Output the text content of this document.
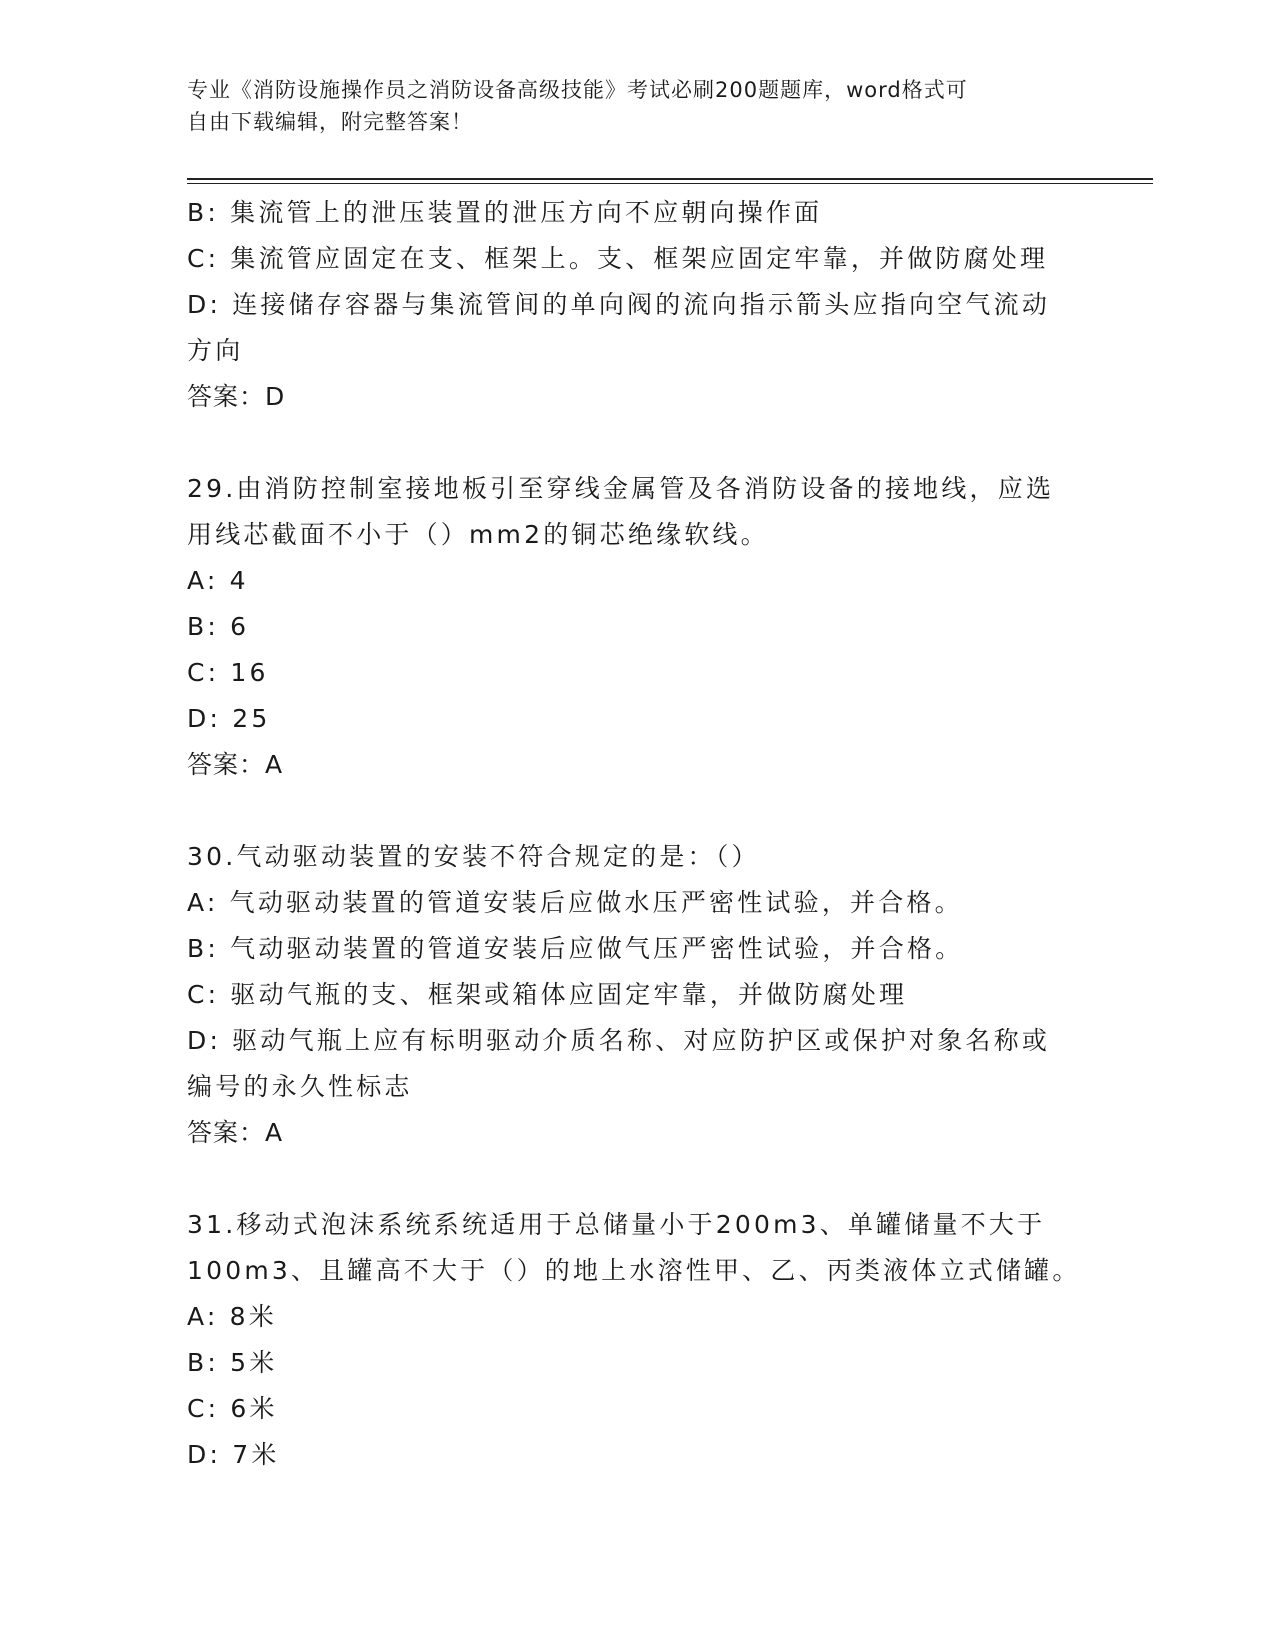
专业《消防设施操作员之消防设备高级技能》考试必刷200题题库，word格式可
自由下载编辑，附完整答案！
B: 集流管上的泄压装置的泄压方向不应朝向操作面
C: 集流管应固定在支、框架上。支、框架应固定牢靠，并做防腐处理
D: 连接储存容器与集流管间的单向阀的流向指示箭头应指向空气流动
方向
答案：D
29.由消防控制室接地板引至穿线金属管及各消防设备的接地线，应选
用线芯截面不小于（）mm2的铜芯绝缘软线。
A: 4
B: 6
C: 16
D: 25
答案：A
30.气动驱动装置的安装不符合规定的是：（）
A: 气动驱动装置的管道安装后应做水压严密性试验，并合格。
B: 气动驱动装置的管道安装后应做气压严密性试验，并合格。
C: 驱动气瓶的支、框架或箱体应固定牢靠，并做防腐处理
D: 驱动气瓶上应有标明驱动介质名称、对应防护区或保护对象名称或
编号的永久性标志
答案：A
31.移动式泡沫系统系统适用于总储量小于200m3、单罐储量不大于
100m3、且罐高不大于（）的地上水溶性甲、乙、丙类液体立式储罐。
A: 8米
B: 5米
C: 6米
D: 7米
